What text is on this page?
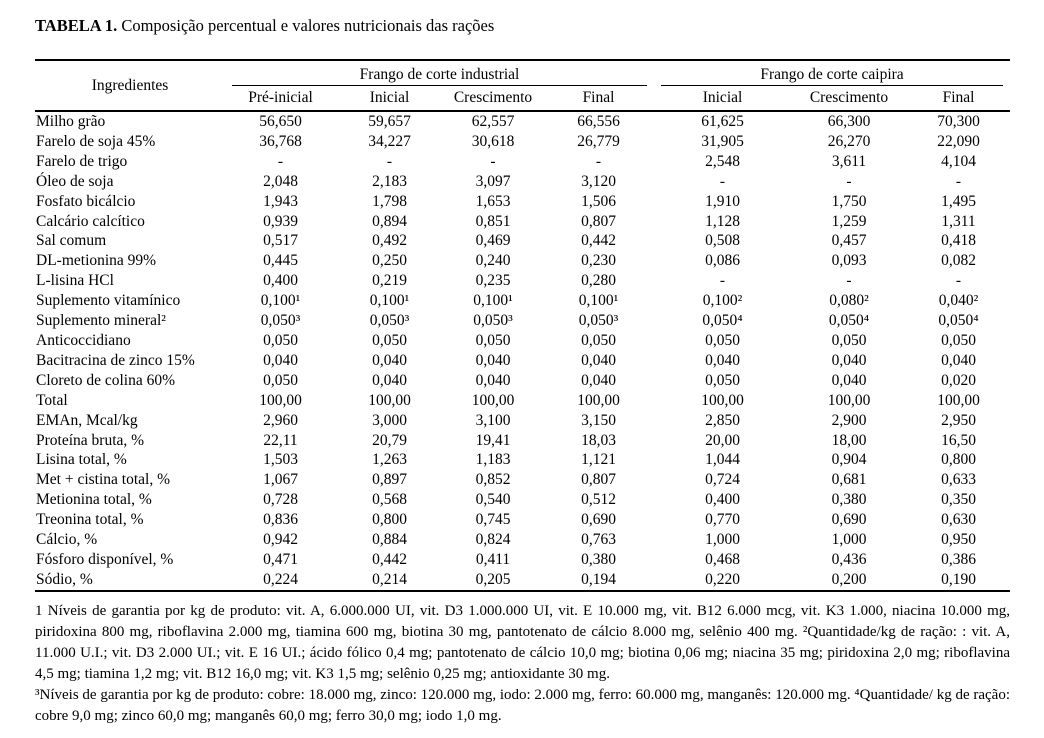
TABELA 1. Composição percentual e valores nutricionais das rações
Ingredientes	Frango de corte industrial				Frango de corte caipira		

	Pré-inicial	Inicial	Crescimento	Final	Inicial	Crescimento	Final
Milho grão	56,650	59,657	62,557	66,556	61,625	66,300	70,300
Farelo de soja 45%	36,768	34,227	30,618	26,779	31,905	26,270	22,090
Farelo de trigo	-	-	-	-	2,548	3,611	4,104
Óleo de soja	2,048	2,183	3,097	3,120	-	-	-
Fosfato bicálcio	1,943	1,798	1,653	1,506	1,910	1,750	1,495
Calcário calcítico	0,939	0,894	0,851	0,807	1,128	1,259	1,311
Sal comum	0,517	0,492	0,469	0,442	0,508	0,457	0,418
DL-metionina 99%	0,445	0,250	0,240	0,230	0,086	0,093	0,082
L-lisina HCl	0,400	0,219	0,235	0,280	-	-	-
Suplemento vitamínico	0,100¹	0,100¹	0,100¹	0,100¹	0,100²	0,080²	0,040²
Suplemento mineral²	0,050³	0,050³	0,050³	0,050³	0,050⁴	0,050⁴	0,050⁴
Anticoccidiano	0,050	0,050	0,050	0,050	0,050	0,050	0,050
Bacitracina de zinco 15%	0,040	0,040	0,040	0,040	0,040	0,040	0,040
Cloreto de colina 60%	0,050	0,040	0,040	0,040	0,050	0,040	0,020
Total	100,00	100,00	100,00	100,00	100,00	100,00	100,00
EMAn, Mcal/kg	2,960	3,000	3,100	3,150	2,850	2,900	2,950
Proteína bruta, %	22,11	20,79	19,41	18,03	20,00	18,00	16,50
Lisina total, %	1,503	1,263	1,183	1,121	1,044	0,904	0,800
Met + cistina total, %	1,067	0,897	0,852	0,807	0,724	0,681	0,633
Metionina total, %	0,728	0,568	0,540	0,512	0,400	0,380	0,350
Treonina total, %	0,836	0,800	0,745	0,690	0,770	0,690	0,630
Cálcio, %	0,942	0,884	0,824	0,763	1,000	1,000	0,950
Fósforo disponível, %	0,471	0,442	0,411	0,380	0,468	0,436	0,386
Sódio, %	0,224	0,214	0,205	0,194	0,220	0,200	0,190

1 Níveis de garantia por kg de produto: vit. A, 6.000.000 UI, vit. D3 1.000.000 UI, vit. E 10.000 mg, vit. B12 6.000 mcg, vit. K3 1.000, niacina 10.000 mg, piridoxina 800 mg, riboflavina 2.000 mg, tiamina 600 mg, biotina 30 mg, pantotenato de cálcio 8.000 mg, selênio 400 mg. ²Quantidade/kg de ração: : vit. A, 11.000 U.I.; vit. D3 2.000 UI.; vit. E 16 UI.; ácido fólico 0,4 mg; pantotenato de cálcio 10,0 mg; biotina 0,06 mg; niacina 35 mg; piridoxina 2,0 mg; riboflavina 4,5 mg; tiamina 1,2 mg; vit. B12 16,0 mg; vit. K3 1,5 mg; selênio 0,25 mg; antioxidante 30 mg.

³Níveis de garantia por kg de produto: cobre: 18.000 mg, zinco: 120.000 mg, iodo: 2.000 mg, ferro: 60.000 mg, manganês: 120.000 mg. ⁴Quantidade/ kg de ração: cobre 9,0 mg; zinco 60,0 mg; manganês 60,0 mg; ferro 30,0 mg; iodo 1,0 mg.
